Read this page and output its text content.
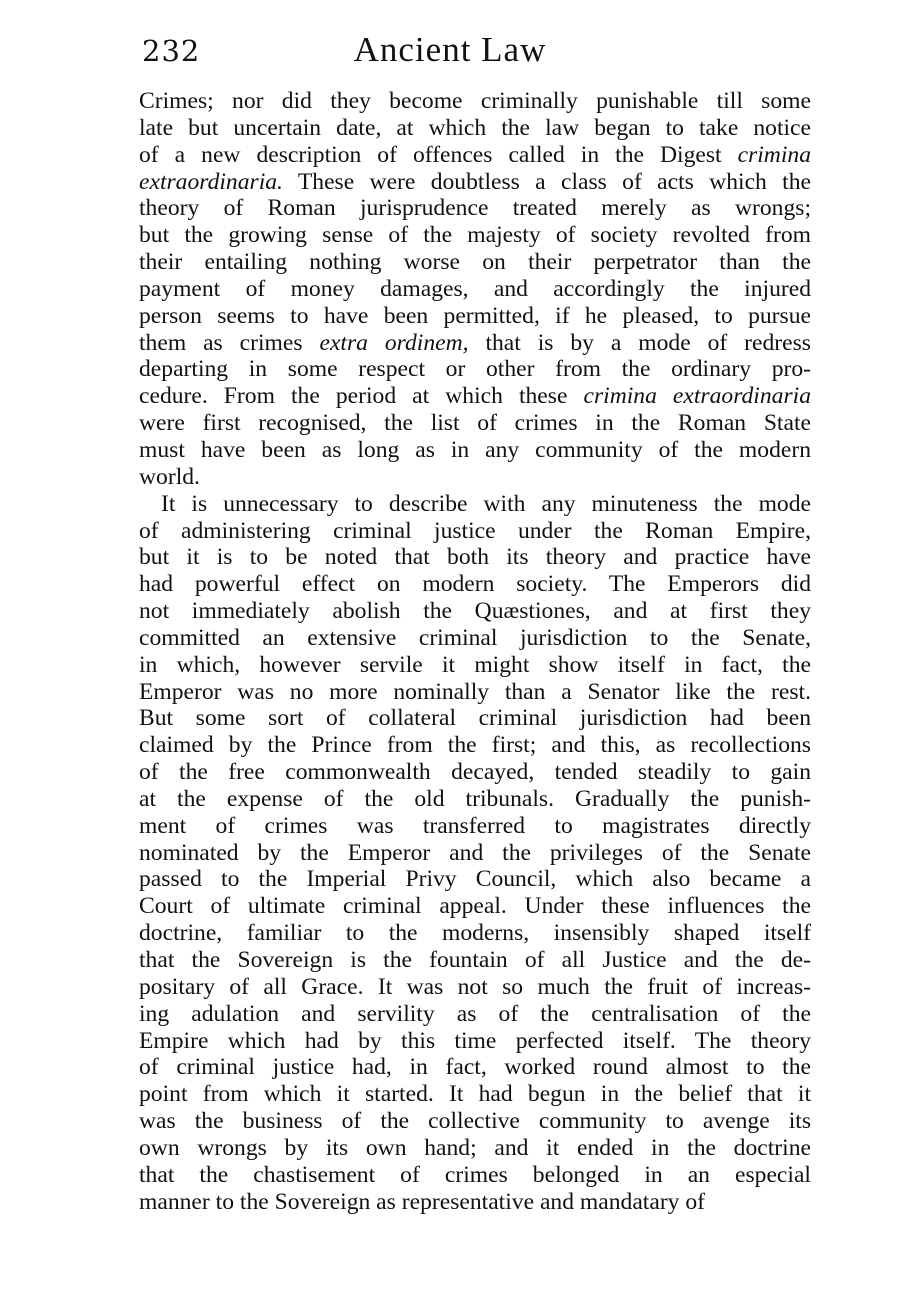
232	Ancient Law
Crimes; nor did they become criminally punishable till some
late but uncertain date, at which the law began to take notice
of a new description of offences called in the Digest crimina
extraordinaria. These were doubtless a class of acts which the
theory of Roman jurisprudence treated merely as wrongs;
but the growing sense of the majesty of society revolted from
their entailing nothing worse on their perpetrator than the
payment of money damages, and accordingly the injured
person seems to have been permitted, if he pleased, to pursue
them as crimes extra ordinem, that is by a mode of redress
departing in some respect or other from the ordinary pro-
cedure. From the period at which these crimina extraordinaria
were first recognised, the list of crimes in the Roman State
must have been as long as in any community of the modern
world.
It is unnecessary to describe with any minuteness the mode
of administering criminal justice under the Roman Empire,
but it is to be noted that both its theory and practice have
had powerful effect on modern society. The Emperors did
not immediately abolish the Quæstiones, and at first they
committed an extensive criminal jurisdiction to the Senate,
in which, however servile it might show itself in fact, the
Emperor was no more nominally than a Senator like the rest.
But some sort of collateral criminal jurisdiction had been
claimed by the Prince from the first; and this, as recollections
of the free commonwealth decayed, tended steadily to gain
at the expense of the old tribunals. Gradually the punish-
ment of crimes was transferred to magistrates directly
nominated by the Emperor and the privileges of the Senate
passed to the Imperial Privy Council, which also became a
Court of ultimate criminal appeal. Under these influences the
doctrine, familiar to the moderns, insensibly shaped itself
that the Sovereign is the fountain of all Justice and the de-
positary of all Grace. It was not so much the fruit of increas-
ing adulation and servility as of the centralisation of the
Empire which had by this time perfected itself. The theory
of criminal justice had, in fact, worked round almost to the
point from which it started. It had begun in the belief that it
was the business of the collective community to avenge its
own wrongs by its own hand; and it ended in the doctrine
that the chastisement of crimes belonged in an especial
manner to the Sovereign as representative and mandatary of
